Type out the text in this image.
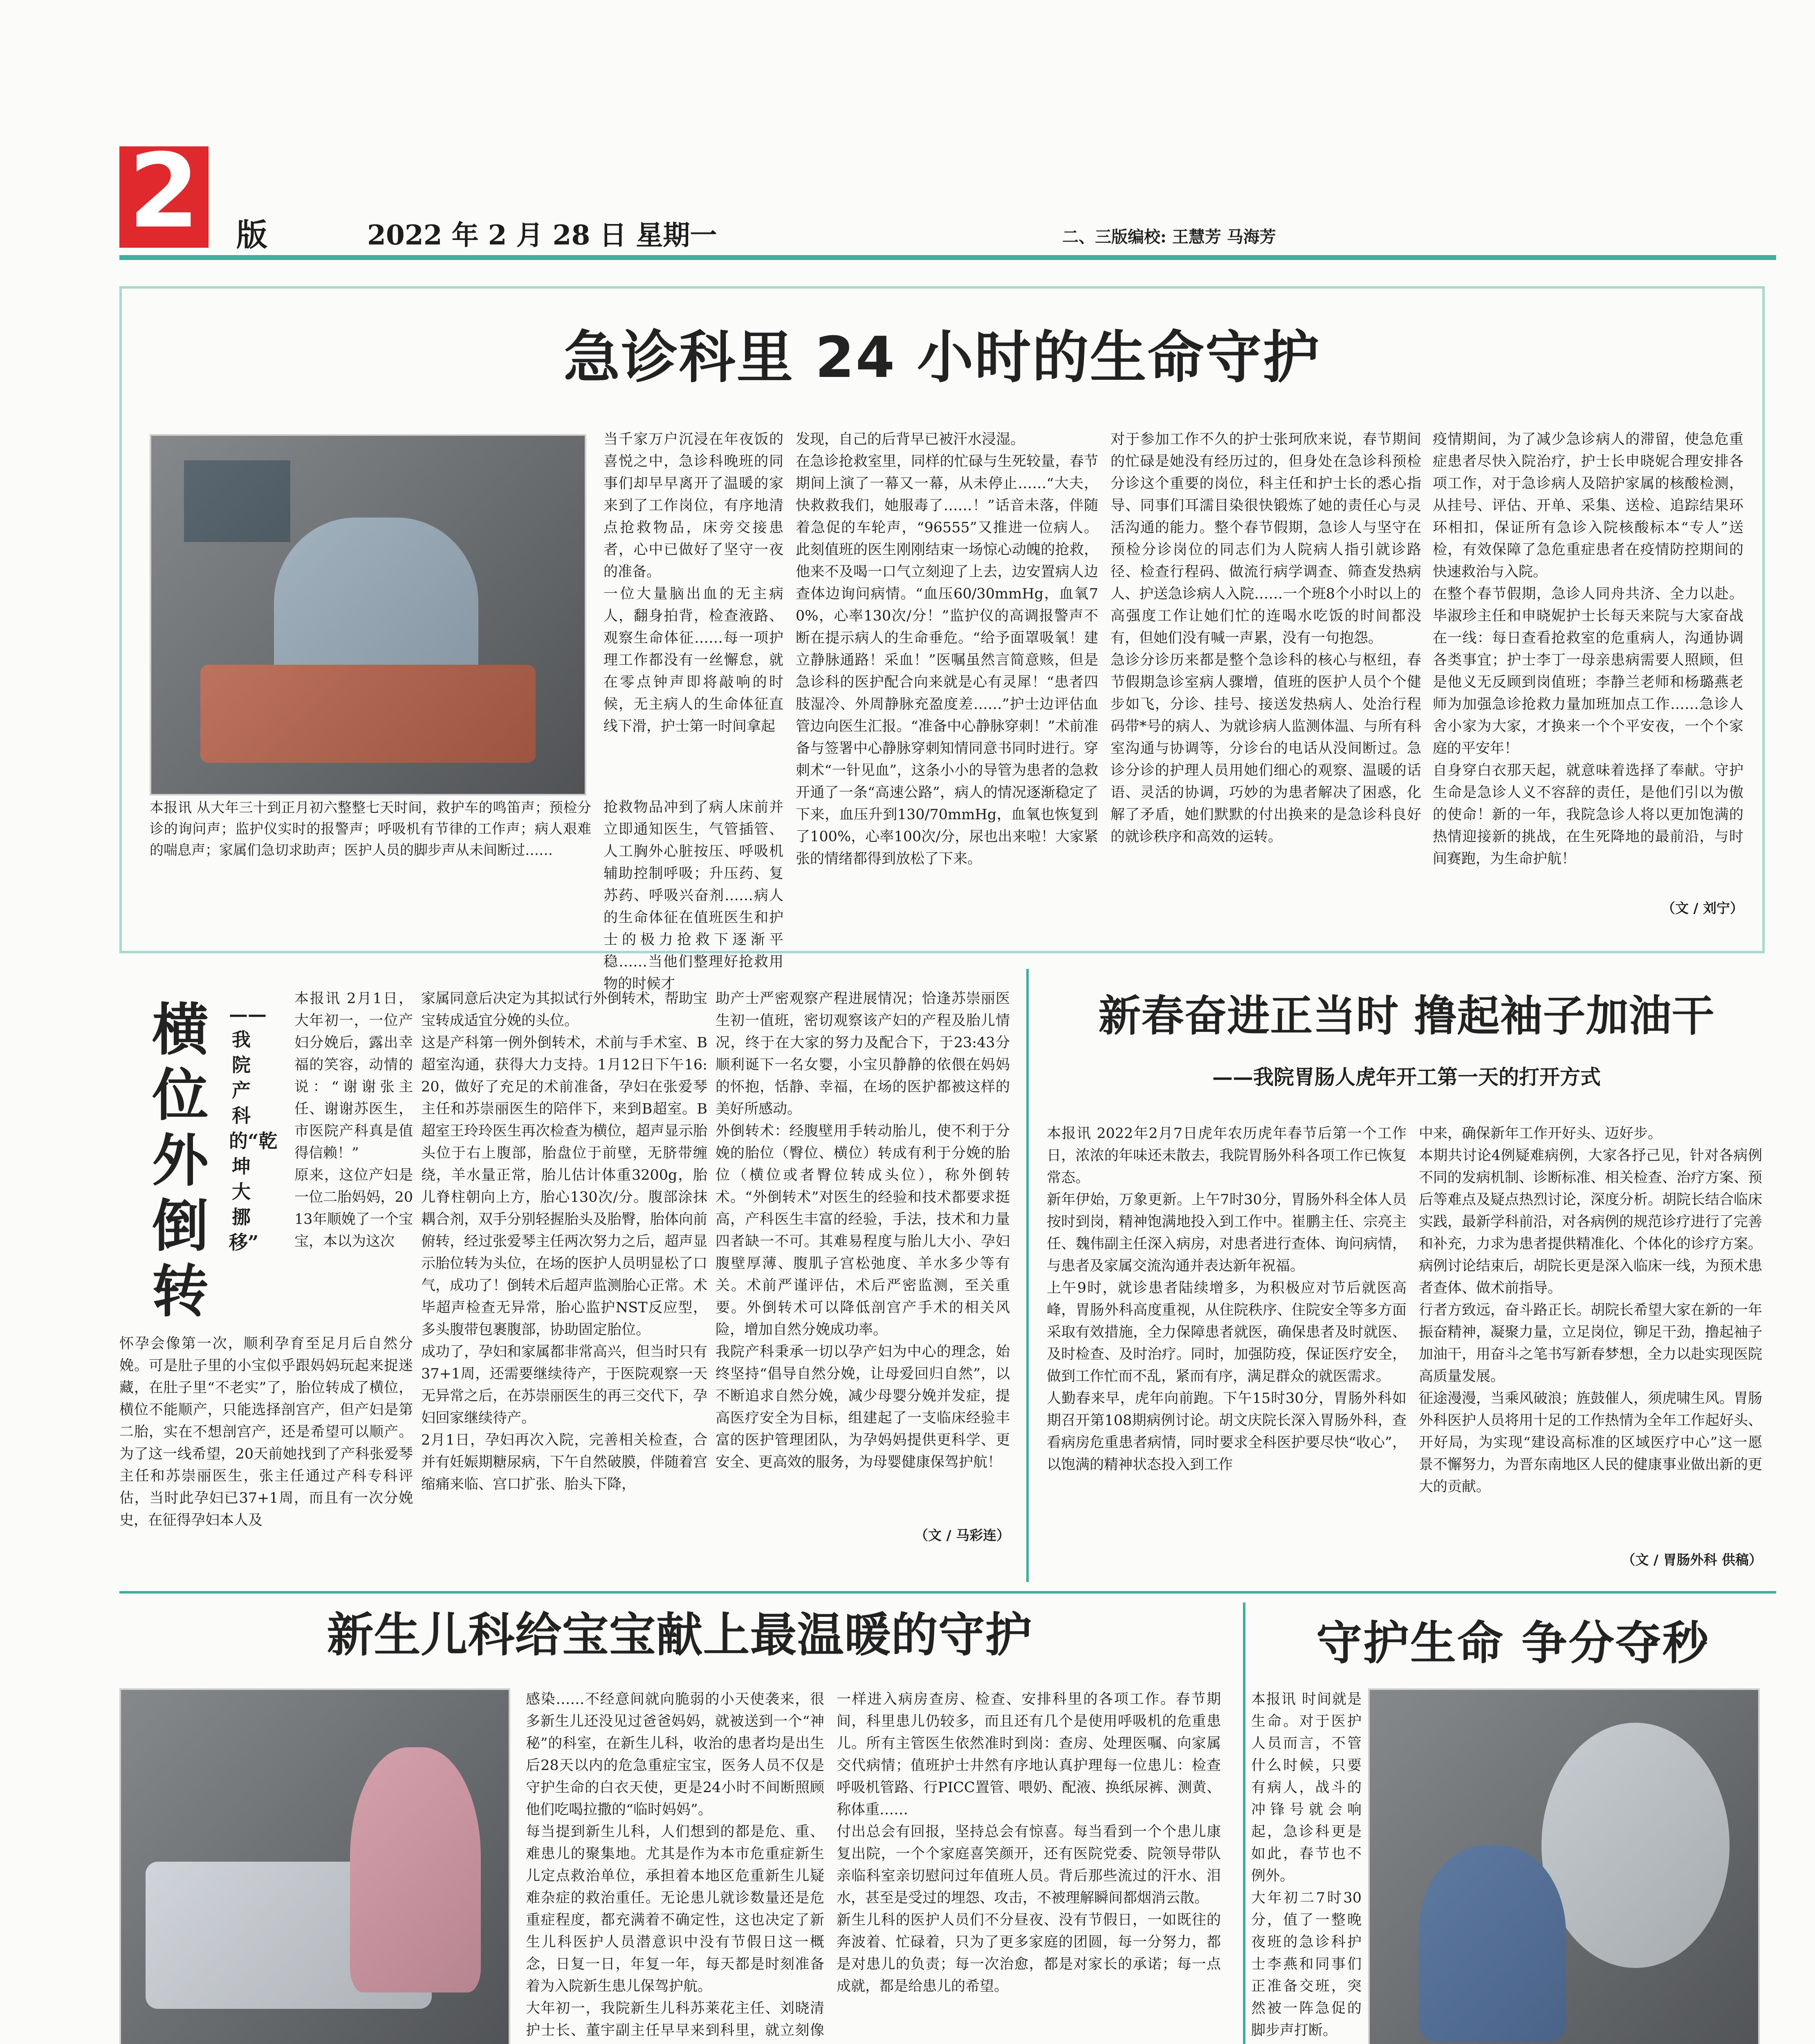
2 版	2022 年 2 月 28 日 星期一	二、三版编校: 王慧芳 马海芳
急诊科里 24 小时的生命守护
本报讯 从大年三十到正月初六整整七天时间，救护车的鸣笛声；预检分诊的询问声；监护仪实时的报警声；呼吸机有节律的工作声；病人艰难的喘息声；家属们急切求助声；医护人员的脚步声从未间断过……
当千家万户沉浸在年夜饭的喜悦之中，急诊科晚班的同事们却早早离开了温暖的家来到了工作岗位，有序地清点抢救物品，床旁交接患者，心中已做好了坚守一夜的准备。
一位大量脑出血的无主病人，翻身拍背，检查液路、观察生命体征……每一项护理工作都没有一丝懈怠，就在零点钟声即将敲响的时候，无主病人的生命体征直线下滑，护士第一时间拿起
抢救物品冲到了病人床前并立即通知医生，气管插管、人工胸外心脏按压、呼吸机辅助控制呼吸；升压药、复苏药、呼吸兴奋剂……病人的生命体征在值班医生和护士的极力抢救下逐渐平稳……当他们整理好抢救用物的时候才
发现，自己的后背早已被汗水浸湿。
在急诊抢救室里，同样的忙碌与生死较量，春节期间上演了一幕又一幕，从未停止……“大夫，快救救我们，她服毒了……！”话音未落，伴随着急促的车轮声，“96555”又推进一位病人。此刻值班的医生刚刚结束一场惊心动魄的抢救，他来不及喝一口气立刻迎了上去，边安置病人边查体边询问病情。“血压60/30mmHg，血氧70%，心率130次/分！”监护仪的高调报警声不断在提示病人的生命垂危。“给予面罩吸氧！建立静脉通路！采血！”医嘱虽然言简意赅，但是急诊科的医护配合向来就是心有灵犀！“患者四肢湿冷、外周静脉充盈度差……”护士边评估血管边向医生汇报。“准备中心静脉穿刺！”术前准备与签署中心静脉穿刺知情同意书同时进行。穿刺术“一针见血”，这条小小的导管为患者的急救开通了一条“高速公路”，病人的情况逐渐稳定了下来，血压升到130/70mmHg，血氧也恢复到了100%，心率100次/分，尿也出来啦！大家紧张的情绪都得到放松了下来。
对于参加工作不久的护士张珂欣来说，春节期间的忙碌是她没有经历过的，但身处在急诊科预检分诊这个重要的岗位，科主任和护士长的悉心指导、同事们耳濡目染很快锻炼了她的责任心与灵活沟通的能力。整个春节假期，急诊人与坚守在预检分诊岗位的同志们为人院病人指引就诊路径、检查行程码、做流行病学调查、筛查发热病人、护送急诊病人入院……一个班8个小时以上的高强度工作让她们忙的连喝水吃饭的时间都没有，但她们没有喊一声累，没有一句抱怨。
急诊分诊历来都是整个急诊科的核心与枢纽，春节假期急诊室病人骤增，值班的医护人员个个健步如飞，分诊、挂号、接送发热病人、处治行程码带*号的病人、为就诊病人监测体温、与所有科室沟通与协调等，分诊台的电话从没间断过。急诊分诊的护理人员用她们细心的观察、温暖的话语、灵活的协调，巧妙的为患者解决了困惑，化解了矛盾，她们默默的付出换来的是急诊科良好的就诊秩序和高效的运转。
疫情期间，为了减少急诊病人的滞留，使急危重症患者尽快入院治疗，护士长申晓妮合理安排各项工作，对于急诊病人及陪护家属的核酸检测，从挂号、评估、开单、采集、送检、追踪结果环环相扣，保证所有急诊入院核酸标本“专人”送检，有效保障了急危重症患者在疫情防控期间的快速救治与入院。
在整个春节假期，急诊人同舟共济、全力以赴。毕淑珍主任和申晓妮护士长每天来院与大家奋战在一线：每日查看抢救室的危重病人，沟通协调各类事宜；护士李丁一母亲患病需要人照顾，但是他义无反顾到岗值班；李静兰老师和杨璐燕老师为加强急诊抢救力量加班加点工作……急诊人舍小家为大家，才换来一个个平安夜，一个个家庭的平安年！
自身穿白衣那天起，就意味着选择了奉献。守护生命是急诊人义不容辞的责任，是他们引以为傲的使命！新的一年，我院急诊人将以更加饱满的热情迎接新的挑战，在生死降地的最前沿，与时间赛跑，为生命护航！
（文 / 刘宁）
横位外倒转
——我院产科的“乾坤大挪移”
本报讯 2月1日，大年初一，一位产妇分娩后，露出幸福的笑容，动情的说：“谢谢张主任、谢谢苏医生，市医院产科真是值得信赖！”
原来，这位产妇是一位二胎妈妈，2013年顺娩了一个宝宝，本以为这次
怀孕会像第一次，顺利孕育至足月后自然分娩。可是肚子里的小宝似乎跟妈妈玩起来捉迷藏，在肚子里“不老实”了，胎位转成了横位，横位不能顺产，只能选择剖宫产，但产妇是第二胎，实在不想剖宫产，还是希望可以顺产。为了这一线希望，20天前她找到了产科张爱琴主任和苏崇丽医生，张主任通过产科专科评估，当时此孕妇已37+1周，而且有一次分娩史，在征得孕妇本人及
家属同意后决定为其拟试行外倒转术，帮助宝宝转成适宜分娩的头位。
这是产科第一例外倒转术，术前与手术室、B超室沟通，获得大力支持。1月12日下午16:20，做好了充足的术前准备，孕妇在张爱琴主任和苏崇丽医生的陪伴下，来到B超室。B超室王玲玲医生再次检查为横位，超声显示胎头位于右上腹部，胎盘位于前壁，无脐带缠绕，羊水量正常，胎儿估计体重3200g，胎儿脊柱朝向上方，胎心130次/分。腹部涂抹耦合剂，双手分别轻握胎头及胎臀，胎体向前俯转，经过张爱琴主任两次努力之后，超声显示胎位转为头位，在场的医护人员明显松了口气，成功了！倒转术后超声监测胎心正常。术毕超声检查无异常，胎心监护NST反应型，多头腹带包裹腹部，协助固定胎位。
成功了，孕妇和家属都非常高兴，但当时只有37+1周，还需要继续待产，于医院观察一天无异常之后，在苏崇丽医生的再三交代下，孕妇回家继续待产。
2月1日，孕妇再次入院，完善相关检查，合并有妊娠期糖尿病，下午自然破膜，伴随着宫缩痛来临、宫口扩张、胎头下降，
助产士严密观察产程进展情况；恰逢苏崇丽医生初一值班，密切观察该产妇的产程及胎儿情况，终于在大家的努力及配合下，于23:43分顺利诞下一名女婴，小宝贝静静的依偎在妈妈的怀抱，恬静、幸福，在场的医护都被这样的美好所感动。
外倒转术：经腹壁用手转动胎儿，使不利于分娩的胎位（臀位、横位）转成有利于分娩的胎位（横位或者臀位转成头位），称外倒转术。“外倒转术”对医生的经验和技术都要求挺高，产科医生丰富的经验，手法，技术和力量四者缺一不可。其难易程度与胎儿大小、孕妇腹壁厚薄、腹肌子宫松弛度、羊水多少等有关。术前严谨评估，术后严密监测，至关重要。外倒转术可以降低剖宫产手术的相关风险，增加自然分娩成功率。
我院产科秉承一切以孕产妇为中心的理念，始终坚持“倡导自然分娩，让母爱回归自然”，以不断追求自然分娩，减少母婴分娩并发症，提高医疗安全为目标，组建起了一支临床经验丰富的医护管理团队，为孕妈妈提供更科学、更安全、更高效的服务，为母婴健康保驾护航！
（文 / 马彩连）
新春奋进正当时 撸起袖子加油干
——我院胃肠人虎年开工第一天的打开方式
本报讯 2022年2月7日虎年农历虎年春节后第一个工作日，浓浓的年味还未散去，我院胃肠外科各项工作已恢复常态。
新年伊始，万象更新。上午7时30分，胃肠外科全体人员按时到岗，精神饱满地投入到工作中。崔鹏主任、宗亮主任、魏伟副主任深入病房，对患者进行查体、询问病情，与患者及家属交流沟通并表达新年祝福。
上午9时，就诊患者陆续增多，为积极应对节后就医高峰，胃肠外科高度重视，从住院秩序、住院安全等多方面采取有效措施，全力保障患者就医，确保患者及时就医、及时检查、及时治疗。同时，加强防疫，保证医疗安全，做到工作忙而不乱，紧而有序，满足群众的就医需求。
人勤春来早，虎年向前跑。下午15时30分，胃肠外科如期召开第108期病例讨论。胡文庆院长深入胃肠外科，查看病房危重患者病情，同时要求全科医护要尽快“收心”，以饱满的精神状态投入到工作
中来，确保新年工作开好头、迈好步。
本期共讨论4例疑难病例，大家各抒己见，针对各病例不同的发病机制、诊断标准、相关检查、治疗方案、预后等难点及疑点热烈讨论，深度分析。胡院长结合临床实践，最新学科前沿，对各病例的规范诊疗进行了完善和补充，力求为患者提供精准化、个体化的诊疗方案。病例讨论结束后，胡院长更是深入临床一线，为预术患者查体、做术前指导。
行者方致远，奋斗路正长。胡院长希望大家在新的一年振奋精神，凝聚力量，立足岗位，铆足干劲，撸起袖子加油干，用奋斗之笔书写新春梦想，全力以赴实现医院高质量发展。
征途漫漫，当乘风破浪；旌鼓催人，须虎啸生风。胃肠外科医护人员将用十足的工作热情为全年工作起好头、开好局，为实现“建设高标准的区域医疗中心”这一愿景不懈努力，为晋东南地区人民的健康事业做出新的更大的贡献。
（文 / 胃肠外科 供稿）
新生儿科给宝宝献上最温暖的守护
感染……不经意间就向脆弱的小天使袭来，很多新生儿还没见过爸爸妈妈，就被送到一个“神秘”的科室，在新生儿科，收治的患者均是出生后28天以内的危急重症宝宝，医务人员不仅是守护生命的白衣天使，更是24小时不间断照顾他们吃喝拉撒的“临时妈妈”。
每当提到新生儿科，人们想到的都是危、重、难患儿的聚集地。尤其是作为本市危重症新生儿定点救治单位，承担着本地区危重新生儿疑难杂症的救治重任。无论患儿就诊数量还是危重症程度，都充满着不确定性，这也决定了新生儿科医护人员潜意识中没有节假日这一概念，日复一日，年复一年，每天都是时刻准备着为入院新生患儿保驾护航。
大年初一，我院新生儿科苏莱花主任、刘晓清护士长、董宇副主任早早来到科里，就立刻像
一样进入病房查房、检查、安排科里的各项工作。春节期间，科里患儿仍较多，而且还有几个是使用呼吸机的危重患儿。所有主管医生依然准时到岗：查房、处理医嘱、向家属交代病情；值班护士井然有序地认真护理每一位患儿：检查呼吸机管路、行PICC置管、喂奶、配液、换纸尿裤、测黄、称体重……
付出总会有回报，坚持总会有惊喜。每当看到一个个患儿康复出院，一个个家庭喜笑颜开，还有医院党委、院领导带队亲临科室亲切慰问过年值班人员。背后那些流过的汗水、泪水，甚至是受过的埋怨、攻击，不被理解瞬间都烟消云散。
新生儿科的医护人员们不分昼夜、没有节假日，一如既往的奔波着、忙碌着，只为了更多家庭的团圆，每一分努力，都是对患儿的负责；每一次治愈，都是对家长的承诺；每一点成就，都是给患儿的希望。
守护生命 争分夺秒
本报讯 时间就是生命。对于医护人员而言，不管什么时候，只要有病人，战斗的冲锋号就会响起，急诊科更是如此，春节也不例外。
大年初二7时30分，值了一整晚夜班的急诊科护士李燕和同事们正准备交班，突然被一阵急促的脚步声打断。
